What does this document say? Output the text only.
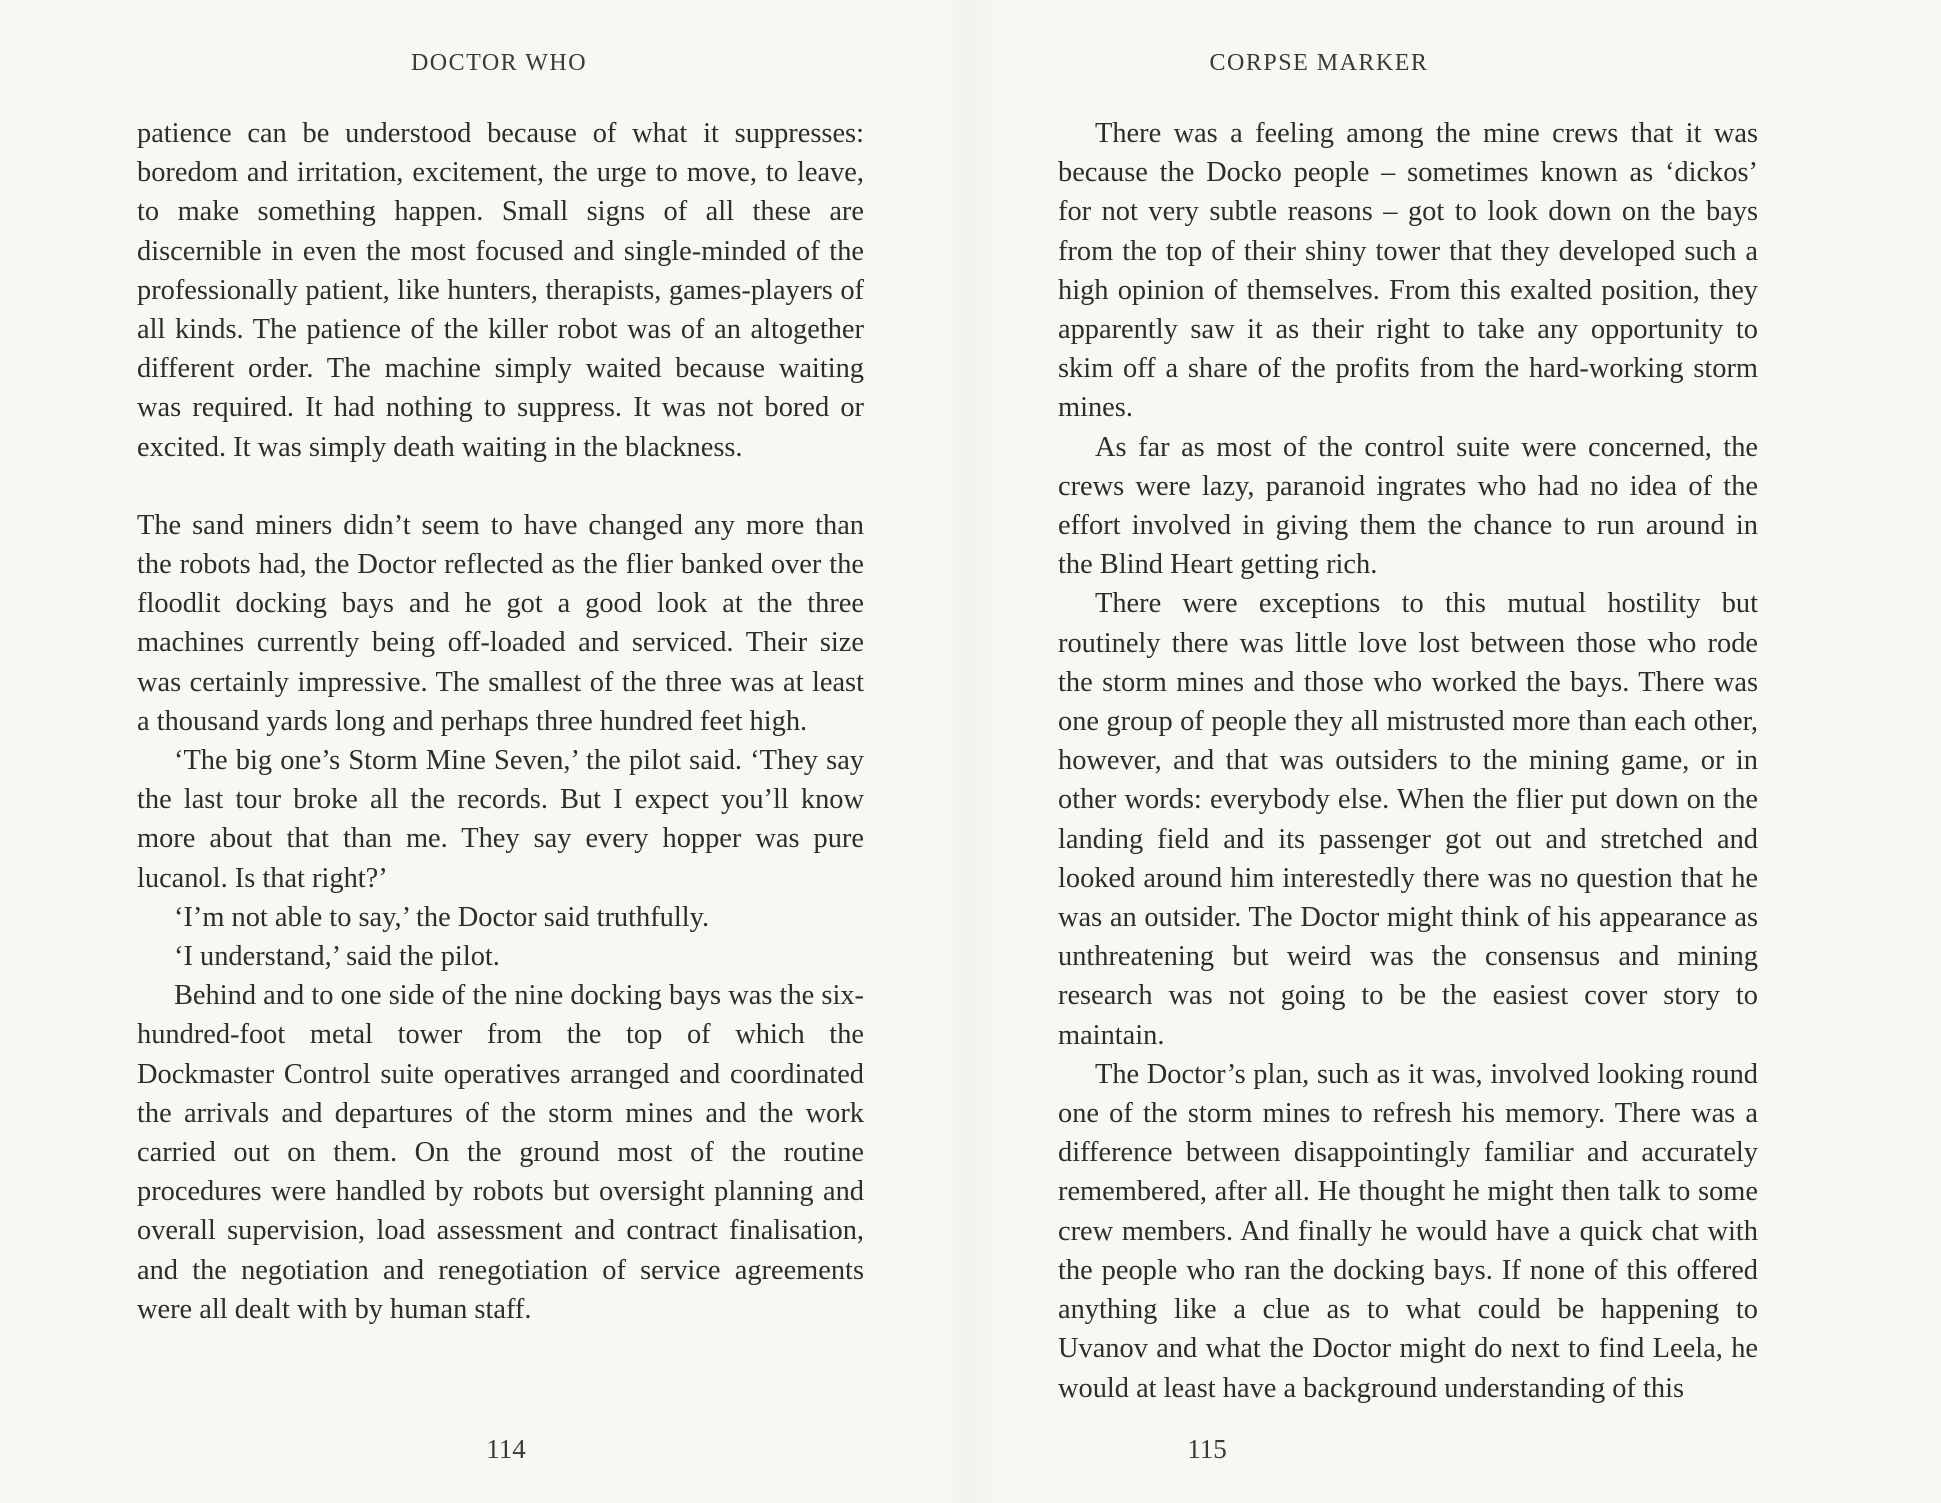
DOCTOR WHO

patience can be understood because of what it suppresses: boredom and irritation, excitement, the urge to move, to leave, to make something happen. Small signs of all these are discernible in even the most focused and single-minded of the professionally patient, like hunters, therapists, games-players of all kinds. The patience of the killer robot was of an altogether different order. The machine simply waited because waiting was required. It had nothing to suppress. It was not bored or excited. It was simply death waiting in the blackness.

The sand miners didn’t seem to have changed any more than the robots had, the Doctor reflected as the flier banked over the floodlit docking bays and he got a good look at the three machines currently being off-loaded and serviced. Their size was certainly impressive. The smallest of the three was at least a thousand yards long and perhaps three hundred feet high.

‘The big one’s Storm Mine Seven,’ the pilot said. ‘They say the last tour broke all the records. But I expect you’ll know more about that than me. They say every hopper was pure lucanol. Is that right?’

‘I’m not able to say,’ the Doctor said truthfully.

‘I understand,’ said the pilot.

Behind and to one side of the nine docking bays was the six-hundred-foot metal tower from the top of which the Dockmaster Control suite operatives arranged and coordinated the arrivals and departures of the storm mines and the work carried out on them. On the ground most of the routine procedures were handled by robots but oversight planning and overall supervision, load assessment and contract finalisation, and the negotiation and renegotiation of service agreements were all dealt with by human staff.

114
CORPSE MARKER

There was a feeling among the mine crews that it was because the Docko people – sometimes known as ‘dickos’ for not very subtle reasons – got to look down on the bays from the top of their shiny tower that they developed such a high opinion of themselves. From this exalted position, they apparently saw it as their right to take any opportunity to skim off a share of the profits from the hard-working storm mines.

As far as most of the control suite were concerned, the crews were lazy, paranoid ingrates who had no idea of the effort involved in giving them the chance to run around in the Blind Heart getting rich.

There were exceptions to this mutual hostility but routinely there was little love lost between those who rode the storm mines and those who worked the bays. There was one group of people they all mistrusted more than each other, however, and that was outsiders to the mining game, or in other words: everybody else. When the flier put down on the landing field and its passenger got out and stretched and looked around him interestedly there was no question that he was an outsider. The Doctor might think of his appearance as unthreatening but weird was the consensus and mining research was not going to be the easiest cover story to maintain.

The Doctor’s plan, such as it was, involved looking round one of the storm mines to refresh his memory. There was a difference between disappointingly familiar and accurately remembered, after all. He thought he might then talk to some crew members. And finally he would have a quick chat with the people who ran the docking bays. If none of this offered anything like a clue as to what could be happening to Uvanov and what the Doctor might do next to find Leela, he would at least have a background understanding of this

115
